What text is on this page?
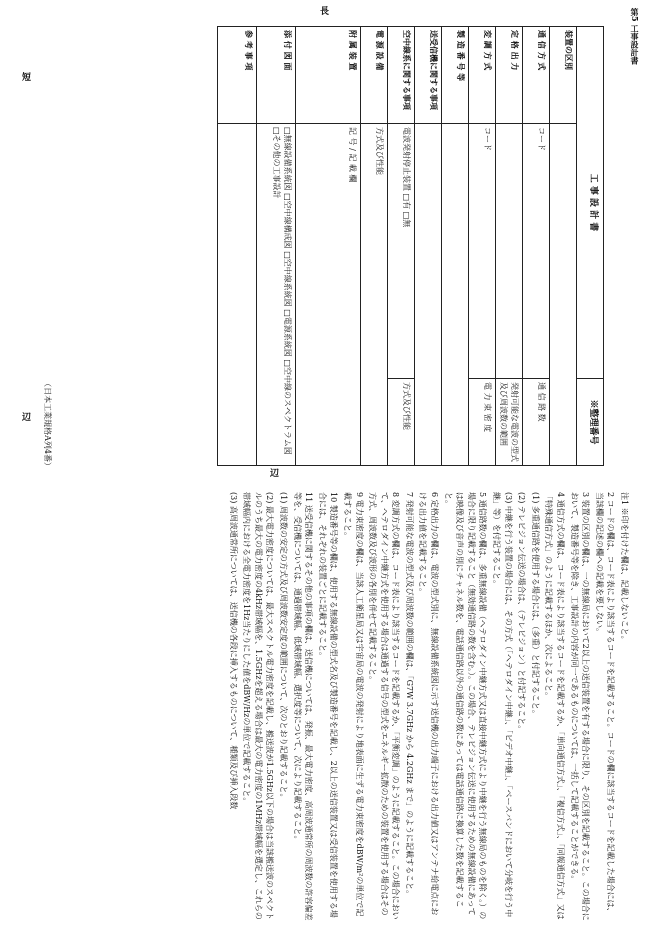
短
辺
第5 工事設計書
長
辺
工 事 設 計 書		※整理番号
装置の区別		
通 信 方 式	コード	通 信 路 数
定 格 出 力		発射可能な電波の型式及び周波数の範囲
変 調 方 式	コード	電 力 束 密 度
製 造 番 号 等		
送受信機に関する事項		
空中線系に関する事項	電波発射停止装置 □有 □無	方式及び性能
電 源 設 備	方式及び性能	
附 属 装 置	記 号 / 記 載 欄	
添 付 図 面	□無線設備系統図 □空中線構成図 □空中線系統図 □電源系統図 □空中線のスペクトラム図 □その他の工事設計	
参 考 事 項		
（日本工業規格A列4番）

注1 ※印を付けた欄は、記載しないこと。

2 コードの欄は、コード表により該当するコードを記載すること。コードの欄に該当するコードを記載した場合には、当該欄の記述の欄への記載を要しない。

3 装置の区別の欄は、一の無線局において2以上の送信装置を有する場合に限り、その区別を記載すること。この場合において、製造番号等を除き、工事設計の内容が同一であるものについては、一括して記載することができる。

4 通信方式の欄は、コード表により該当するコードを記載するか、「単向通信方式」、「複信方式」、「同報通信方式」又は「特殊通信方式」のように記載するほか、次によること。

(1) 多重通信路を使用する場合には、（多重）と付記すること。

(2) テレビジョン伝送の場合は、（テレビジョン）と付記すること。

(3) 中継を行う装置の場合には、その方式（「ヘテロダイン中継」、「ビデオ中継」、「ベースバンドにおいて分岐を行う中継」等）を付記すること。

5 通信路数の欄は、多重無線設備（ヘテロダイン中継方式又は直接中継方式により中継を行う無線局のものを除く。）の場合に限り記載すること（無効通信路の数を含む。）。この場合、テレビジョン伝送に使用するための無線設備にあっては映像及び音声の別にチャネル数を、電話通信路以外の通信路の数にあっては電話通信路に換算した数を記載すること。

6 定格出力の欄は、電波の型式別に、無線設備系統図に示す送信機の出力端子における出力値又はアンテナ給電点における出力値を記載すること。

7 発射可能な電波の型式及び周波数の範囲の欄は、「G7W 3.7GHz から 4.2GHz まで」のように記載すること。

8 変調方式の欄は、コード表により該当するコードを記載するか、「平衡変調」のように記載すること。この場合において、ヘテロダイン中継方式を使用する場合は通過する信号の型式をエネルギー拡散のための装置を使用する場合はその方式、周波数及び波形の各別を併せて記載すること。

9 電力束密度の欄は、当該人工衛星局又は宇宙局の電波の発射により地表面に生ずる電力束密度をdBW/m²の単位で記載すること。

10 製造番号等の欄は、使用する無線設備の型式名及び製造番号を記載し、2以上の送信装置又は受信装置を使用する場合には、それぞれの装置ごとに記載すること。

11 送受信機に関するその他の事項の欄は、送信機については、発振、最大電力密度、高周波通常所の周波数の許容偏差等を、受信機については、通過帯域幅、低域帯域幅、選択度等について、次により記載すること。

(1) 周波数の安定の方式及び周波数安定度の範囲について、次のとおり記載すること。

(2) 最大電力密度については、最大スペクトル電力密度を記載し、搬送波が1.5GHz以下の場合は当該搬送波のスペクトルのうち最大の電力密度の4kHz帯域幅を、1.5GHzを超える場合は最大の電力密度の1MHz帯域幅を選定し、これらの帯域幅内における全電力密度を1Hz当たりにした値をdBW/Hzの単位で記載すること。

(3) 高周波通常所については、送信機の各段に挿入するものについて、種類及び挿入段数
